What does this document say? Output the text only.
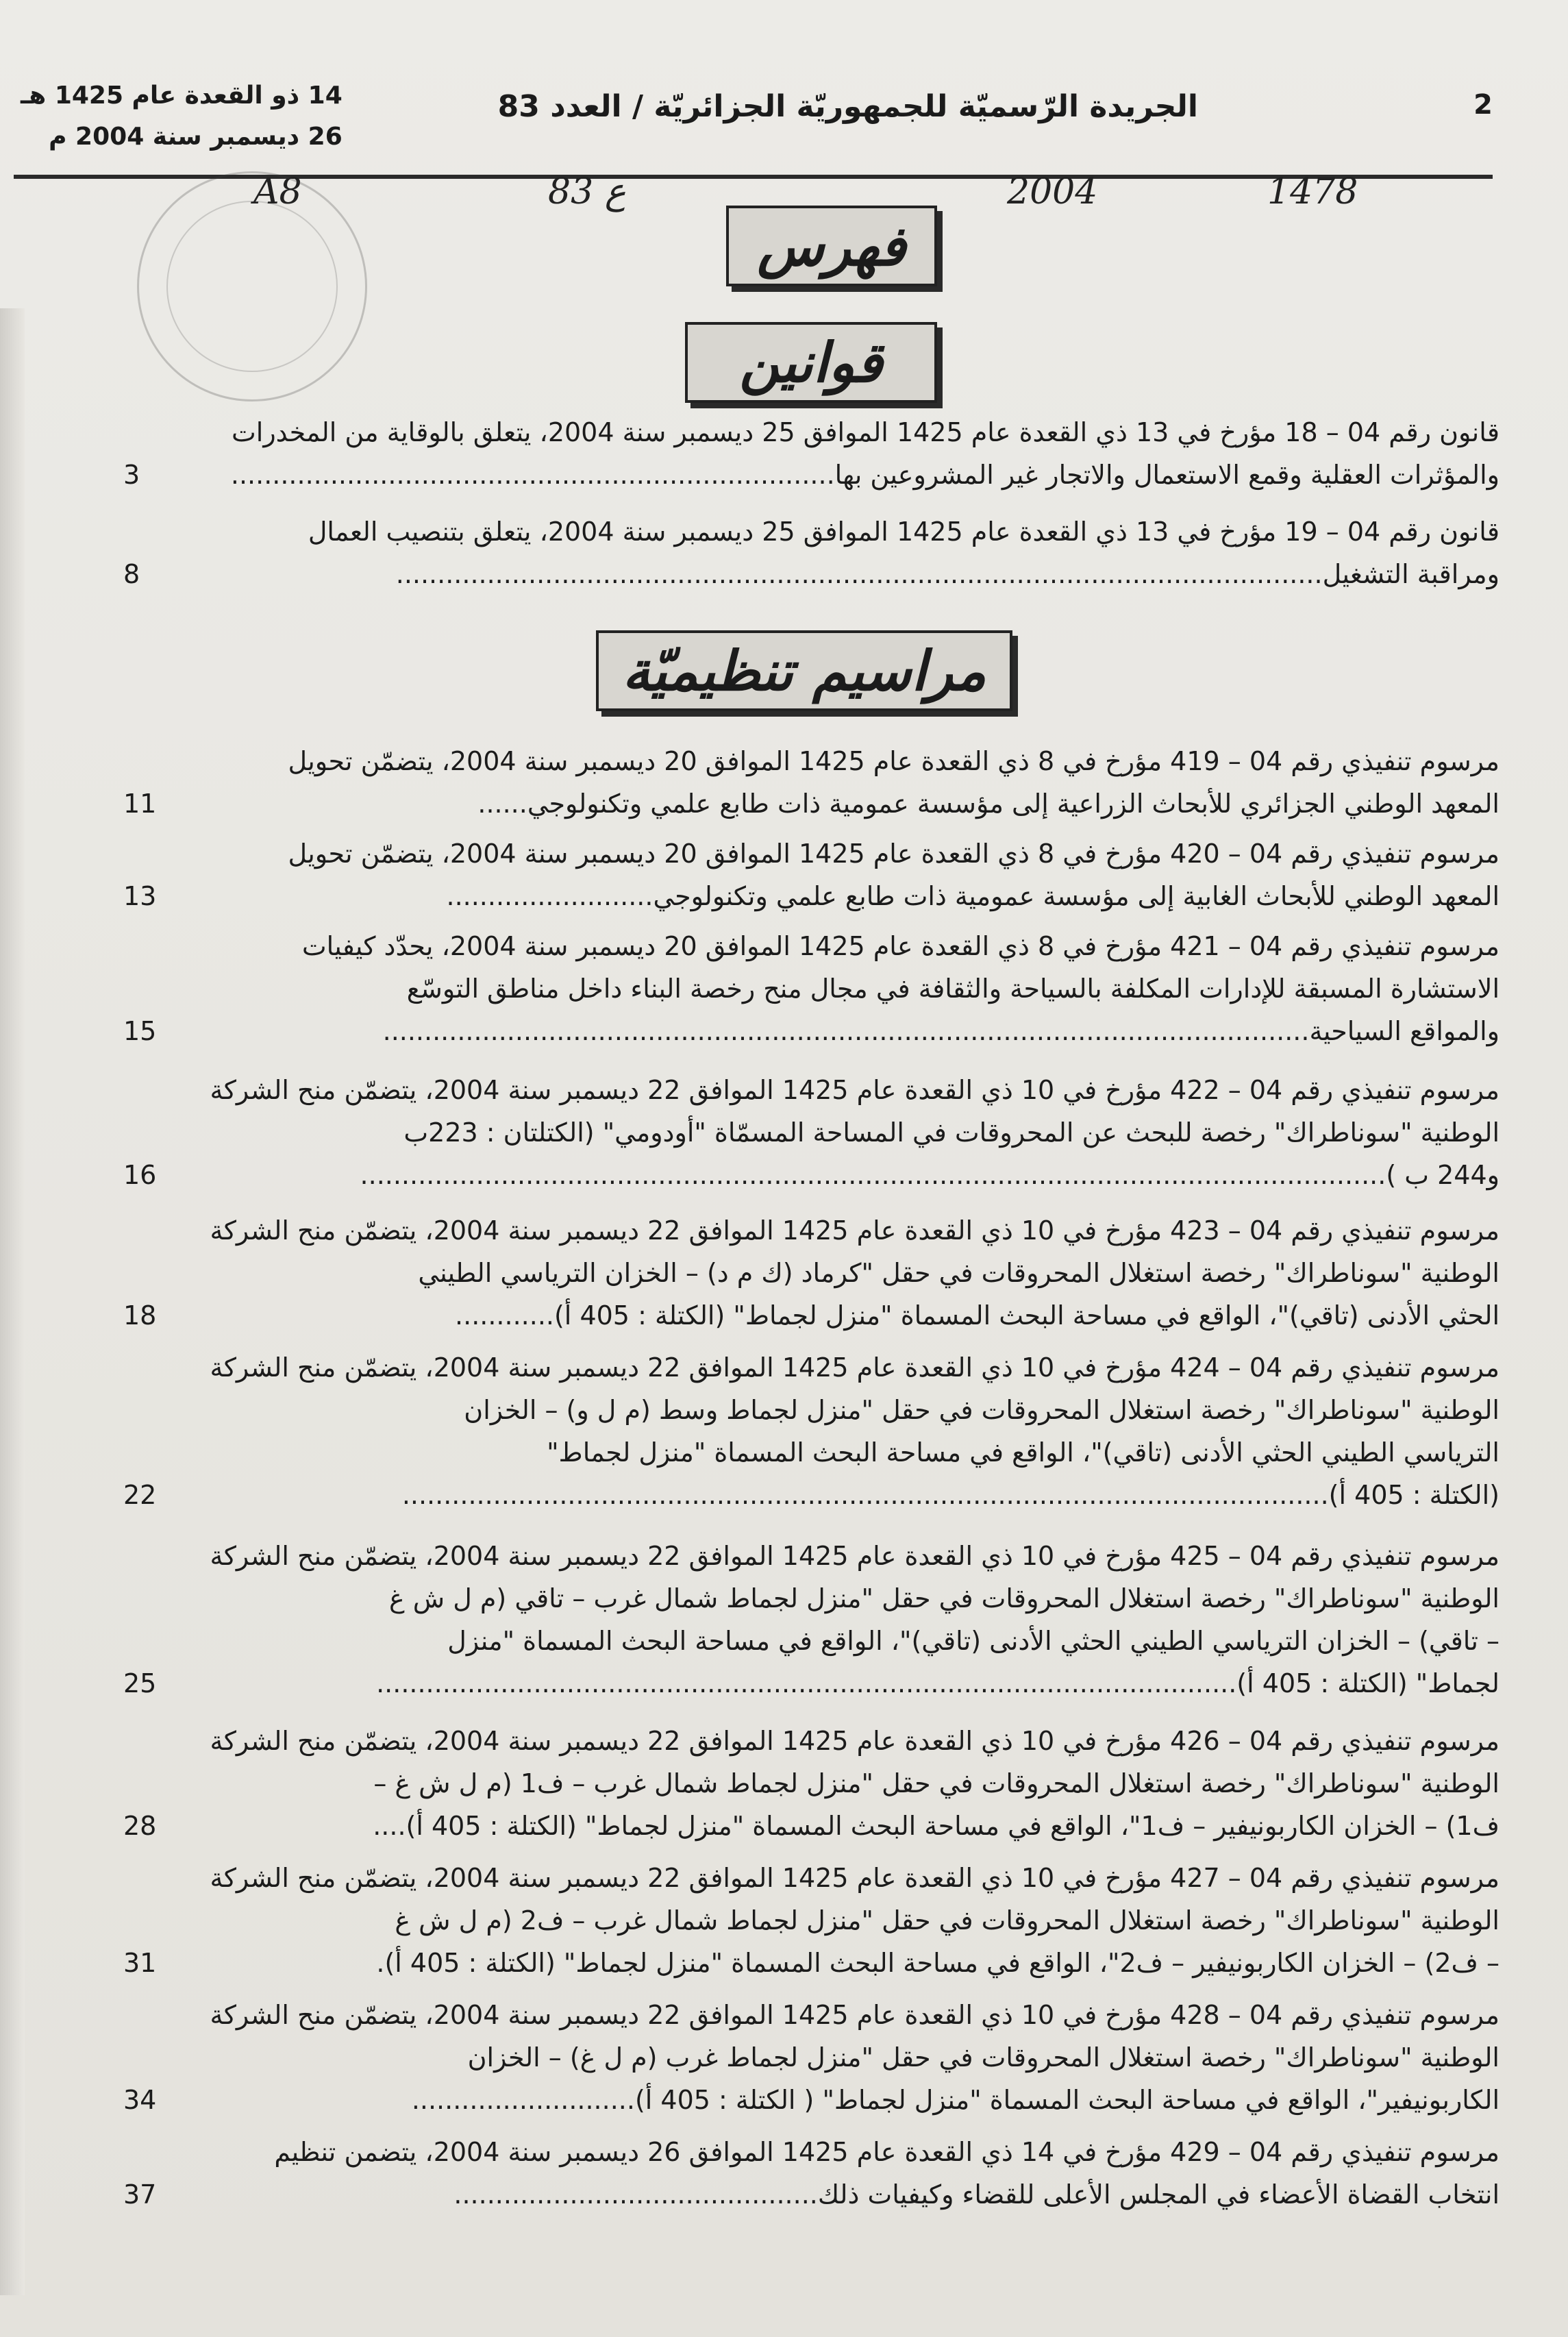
2
الجريدة الرّسميّة للجمهوريّة الجزائريّة / العدد 83
14 ذو القعدة عام 1425 هـ
26 ديسمبر سنة 2004 م
A8	83 ع	2004	1478
فهرس
قوانين
مراسيم تنظيميّة
قانون رقم 04 – 18 مؤرخ في 13 ذي القعدة عام 1425 الموافق 25 ديسمبر سنة 2004، يتعلق بالوقاية من المخدرات
والمؤثرات العقلية وقمع الاستعمال والاتجار غير المشروعين بها.........................................................................
3
قانون رقم 04 – 19 مؤرخ في 13 ذي القعدة عام 1425 الموافق 25 ديسمبر سنة 2004، يتعلق بتنصيب العمال
ومراقبة التشغيل................................................................................................................
8
مرسوم تنفيذي رقم 04 – 419 مؤرخ في 8 ذي القعدة عام 1425 الموافق 20 ديسمبر سنة 2004، يتضمّن تحويل
المعهد الوطني الجزائري للأبحاث الزراعية إلى مؤسسة عمومية ذات طابع علمي وتكنولوجي......
11
مرسوم تنفيذي رقم 04 – 420 مؤرخ في 8 ذي القعدة عام 1425 الموافق 20 ديسمبر سنة 2004، يتضمّن تحويل
المعهد الوطني للأبحاث الغابية إلى مؤسسة عمومية ذات طابع علمي وتكنولوجي.........................
13
مرسوم تنفيذي رقم 04 – 421 مؤرخ في 8 ذي القعدة عام 1425 الموافق 20 ديسمبر سنة 2004، يحدّد كيفيات
الاستشارة المسبقة للإدارات المكلفة بالسياحة والثقافة في مجال منح رخصة البناء داخل مناطق التوسّع
والمواقع السياحية................................................................................................................
15
مرسوم تنفيذي رقم 04 – 422 مؤرخ في 10 ذي القعدة عام 1425 الموافق 22 ديسمبر سنة 2004، يتضمّن منح الشركة
الوطنية "سوناطراك" رخصة للبحث عن المحروقات في المساحة المسمّاة "أودومي" (الكتلتان : 223ب
و244 ب )............................................................................................................................
16
مرسوم تنفيذي رقم 04 – 423 مؤرخ في 10 ذي القعدة عام 1425 الموافق 22 ديسمبر سنة 2004، يتضمّن منح الشركة
الوطنية "سوناطراك" رخصة استغلال المحروقات في حقل "كرماد (ك م د) – الخزان الترياسي الطيني
الحثي الأدنى (تاقي)"، الواقع في مساحة البحث المسماة "منزل لجماط" (الكتلة : 405 أ)............
18
مرسوم تنفيذي رقم 04 – 424 مؤرخ في 10 ذي القعدة عام 1425 الموافق 22 ديسمبر سنة 2004، يتضمّن منح الشركة
الوطنية "سوناطراك" رخصة استغلال المحروقات في حقل "منزل لجماط وسط (م ل و) – الخزان
الترياسي الطيني الحثي الأدنى (تاقي)"، الواقع في مساحة البحث المسماة "منزل لجماط"
(الكتلة : 405 أ)................................................................................................................
22
مرسوم تنفيذي رقم 04 – 425 مؤرخ في 10 ذي القعدة عام 1425 الموافق 22 ديسمبر سنة 2004، يتضمّن منح الشركة
الوطنية "سوناطراك" رخصة استغلال المحروقات في حقل "منزل لجماط شمال غرب – تاقي (م ل ش غ
– تاقي) – الخزان الترياسي الطيني الحثي الأدنى (تاقي)"، الواقع في مساحة البحث المسماة "منزل
لجماط" (الكتلة : 405 أ)........................................................................................................
25
مرسوم تنفيذي رقم 04 – 426 مؤرخ في 10 ذي القعدة عام 1425 الموافق 22 ديسمبر سنة 2004، يتضمّن منح الشركة
الوطنية "سوناطراك" رخصة استغلال المحروقات في حقل "منزل لجماط شمال غرب – ف1 (م ل ش غ –
ف1) – الخزان الكاربونيفير – ف1"، الواقع في مساحة البحث المسماة "منزل لجماط" (الكتلة : 405 أ)....
28
مرسوم تنفيذي رقم 04 – 427 مؤرخ في 10 ذي القعدة عام 1425 الموافق 22 ديسمبر سنة 2004، يتضمّن منح الشركة
الوطنية "سوناطراك" رخصة استغلال المحروقات في حقل "منزل لجماط شمال غرب – ف2 (م ل ش غ
– ف2) – الخزان الكاربونيفير – ف2"، الواقع في مساحة البحث المسماة "منزل لجماط" (الكتلة : 405 أ).
31
مرسوم تنفيذي رقم 04 – 428 مؤرخ في 10 ذي القعدة عام 1425 الموافق 22 ديسمبر سنة 2004، يتضمّن منح الشركة
الوطنية "سوناطراك" رخصة استغلال المحروقات في حقل "منزل لجماط غرب (م ل غ) – الخزان
الكاربونيفير"، الواقع في مساحة البحث المسماة "منزل لجماط" ( الكتلة : 405 أ)...........................
34
مرسوم تنفيذي رقم 04 – 429 مؤرخ في 14 ذي القعدة عام 1425 الموافق 26 ديسمبر سنة 2004، يتضمن تنظيم
انتخاب القضاة الأعضاء في المجلس الأعلى للقضاء وكيفيات ذلك............................................
37
